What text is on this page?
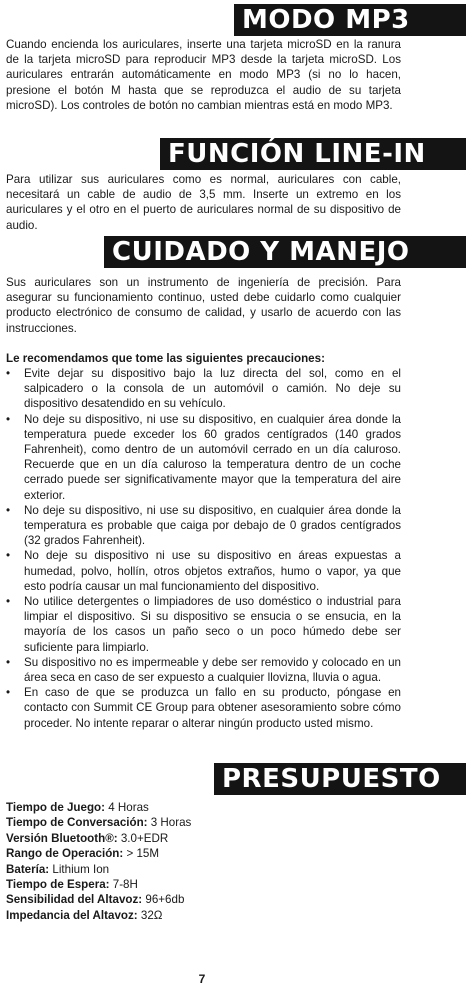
MODO MP3

Cuando encienda los auriculares, inserte una tarjeta microSD en la ranura de la tarjeta microSD para reproducir MP3 desde la tarjeta microSD. Los auriculares entrarán automáticamente en modo MP3 (si no lo hacen, presione el botón M hasta que se reproduzca el audio de su tarjeta microSD). Los controles de botón no cambian mientras está en modo MP3.

FUNCIÓN LINE-IN

Para utilizar sus auriculares como es normal, auriculares con cable, necesitará un cable de audio de 3,5 mm. Inserte un extremo en los auriculares y el otro en el puerto de auriculares normal de su dispositivo de audio.

CUIDADO Y MANEJO

Sus auriculares son un instrumento de ingeniería de precisión. Para asegurar su funcionamiento continuo, usted debe cuidarlo como cualquier producto electrónico de consumo de calidad, y usarlo de acuerdo con las instrucciones.

Le recomendamos que tome las siguientes precauciones:

• Evite dejar su dispositivo bajo la luz directa del sol, como en el salpicadero o la consola de un automóvil o camión. No deje su dispositivo desatendido en su vehículo.
• No deje su dispositivo, ni use su dispositivo, en cualquier área donde la temperatura puede exceder los 60 grados centígrados (140 grados Fahrenheit), como dentro de un automóvil cerrado en un día caluroso. Recuerde que en un día caluroso la temperatura dentro de un coche cerrado puede ser significativamente mayor que la temperatura del aire exterior.
• No deje su dispositivo, ni use su dispositivo, en cualquier área donde la temperatura es probable que caiga por debajo de 0 grados centígrados (32 grados Fahrenheit).
• No deje su dispositivo ni use su dispositivo en áreas expuestas a humedad, polvo, hollín, otros objetos extraños, humo o vapor, ya que esto podría causar un mal funcionamiento del dispositivo.
• No utilice detergentes o limpiadores de uso doméstico o industrial para limpiar el dispositivo. Si su dispositivo se ensucia o se ensucia, en la mayoría de los casos un paño seco o un poco húmedo debe ser suficiente para limpiarlo.
• Su dispositivo no es impermeable y debe ser removido y colocado en un área seca en caso de ser expuesto a cualquier llovizna, lluvia o agua.
• En caso de que se produzca un fallo en su producto, póngase en contacto con Summit CE Group para obtener asesoramiento sobre cómo proceder. No intente reparar o alterar ningún producto usted mismo.
PRESUPUESTO
Tiempo de Juego: 4 Horas
Tiempo de Conversación: 3 Horas
Versión Bluetooth®: 3.0+EDR
Rango de Operación: > 15M
Batería: Lithium Ion
Tiempo de Espera: 7-8H
Sensibilidad del Altavoz: 96+6db
Impedancia del Altavoz: 32Ω
7
